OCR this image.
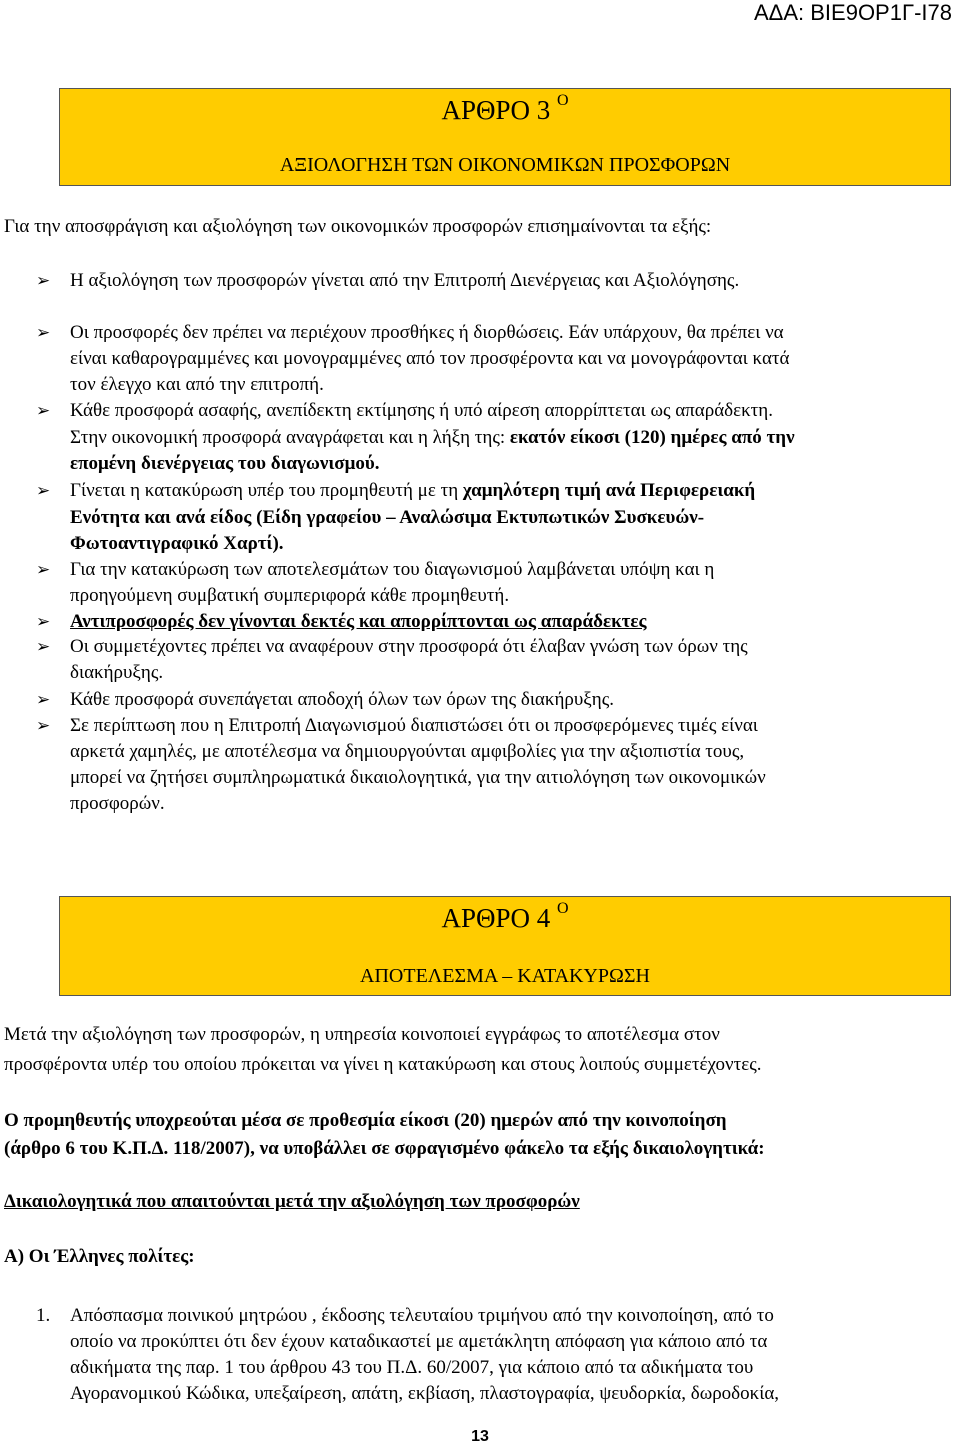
ΑΔΑ: ΒΙΕ9ΟΡ1Γ-Ι78
ΑΡΘΡΟ 3 $^O$
ΑΞΙΟΛΟΓΗΣΗ ΤΩΝ ΟΙΚΟΝΟΜΙΚΩΝ ΠΡΟΣΦΟΡΩΝ
Για την αποσφράγιση και αξιολόγηση των οικονομικών προσφορών επισημαίνονται τα εξής:
➢ Η αξιολόγηση των προσφορών γίνεται από την Επιτροπή Διενέργειας και Αξιολόγησης.
➢ Οι προσφορές δεν πρέπει να περιέχουν προσθήκες ή διορθώσεις. Εάν υπάρχουν, θα πρέπει να
είναι καθαρογραμμένες και μονογραμμένες από τον προσφέροντα και να μονογράφονται κατά
τον έλεγχο και από την επιτροπή.
➢ Κάθε προσφορά ασαφής, ανεπίδεκτη εκτίμησης ή υπό αίρεση απορρίπτεται ως απαράδεκτη.
Στην οικονομική προσφορά αναγράφεται και η λήξη της: εκατόν είκοσι (120) ημέρες από την
επομένη διενέργειας του διαγωνισμού.
➢ Γίνεται η κατακύρωση υπέρ του προμηθευτή με τη χαμηλότερη τιμή ανά Περιφερειακή
Ενότητα και ανά είδος (Είδη γραφείου – Αναλώσιμα Εκτυπωτικών Συσκευών-
Φωτοαντιγραφικό Χαρτί).
➢ Για την κατακύρωση των αποτελεσμάτων του διαγωνισμού λαμβάνεται υπόψη και η
προηγούμενη συμβατική συμπεριφορά κάθε προμηθευτή.
➢ Αντιπροσφορές δεν γίνονται δεκτές και απορρίπτονται ως απαράδεκτες
➢ Οι συμμετέχοντες πρέπει να αναφέρουν στην προσφορά ότι έλαβαν γνώση των όρων της
διακήρυξης.
➢ Κάθε προσφορά συνεπάγεται αποδοχή όλων των όρων της διακήρυξης.
➢ Σε περίπτωση που η Επιτροπή Διαγωνισμού διαπιστώσει ότι οι προσφερόμενες τιμές είναι
αρκετά χαμηλές, με αποτέλεσμα να δημιουργούνται αμφιβολίες για την αξιοπιστία τους,
μπορεί να ζητήσει συμπληρωματικά δικαιολογητικά, για την αιτιολόγηση των οικονομικών
προσφορών.
ΑΡΘΡΟ 4 $^O$
ΑΠΟΤΕΛΕΣΜΑ – ΚΑΤΑΚΥΡΩΣΗ
Μετά την αξιολόγηση των προσφορών, η υπηρεσία κοινοποιεί εγγράφως το αποτέλεσμα στον
προσφέροντα υπέρ του οποίου πρόκειται να γίνει η κατακύρωση και στους λοιπούς συμμετέχοντες.
Ο προμηθευτής υποχρεούται μέσα σε προθεσμία είκοσι (20) ημερών από την κοινοποίηση
(άρθρο 6 του Κ.Π.Δ. 118/2007), να υποβάλλει σε σφραγισμένο φάκελο τα εξής δικαιολογητικά:
Δικαιολογητικά που απαιτούνται μετά την αξιολόγηση των προσφορών
Α) Οι Έλληνες πολίτες:
1. Απόσπασμα ποινικού μητρώου , έκδοσης τελευταίου τριμήνου από την κοινοποίηση, από το
οποίο να προκύπτει ότι δεν έχουν καταδικαστεί με αμετάκλητη απόφαση για κάποιο από τα
αδικήματα της παρ. 1 του άρθρου 43 του Π.Δ. 60/2007, για κάποιο από τα αδικήματα του
Αγορανομικού Κώδικα, υπεξαίρεση, απάτη, εκβίαση, πλαστογραφία, ψευδορκία, δωροδοκία,
13
